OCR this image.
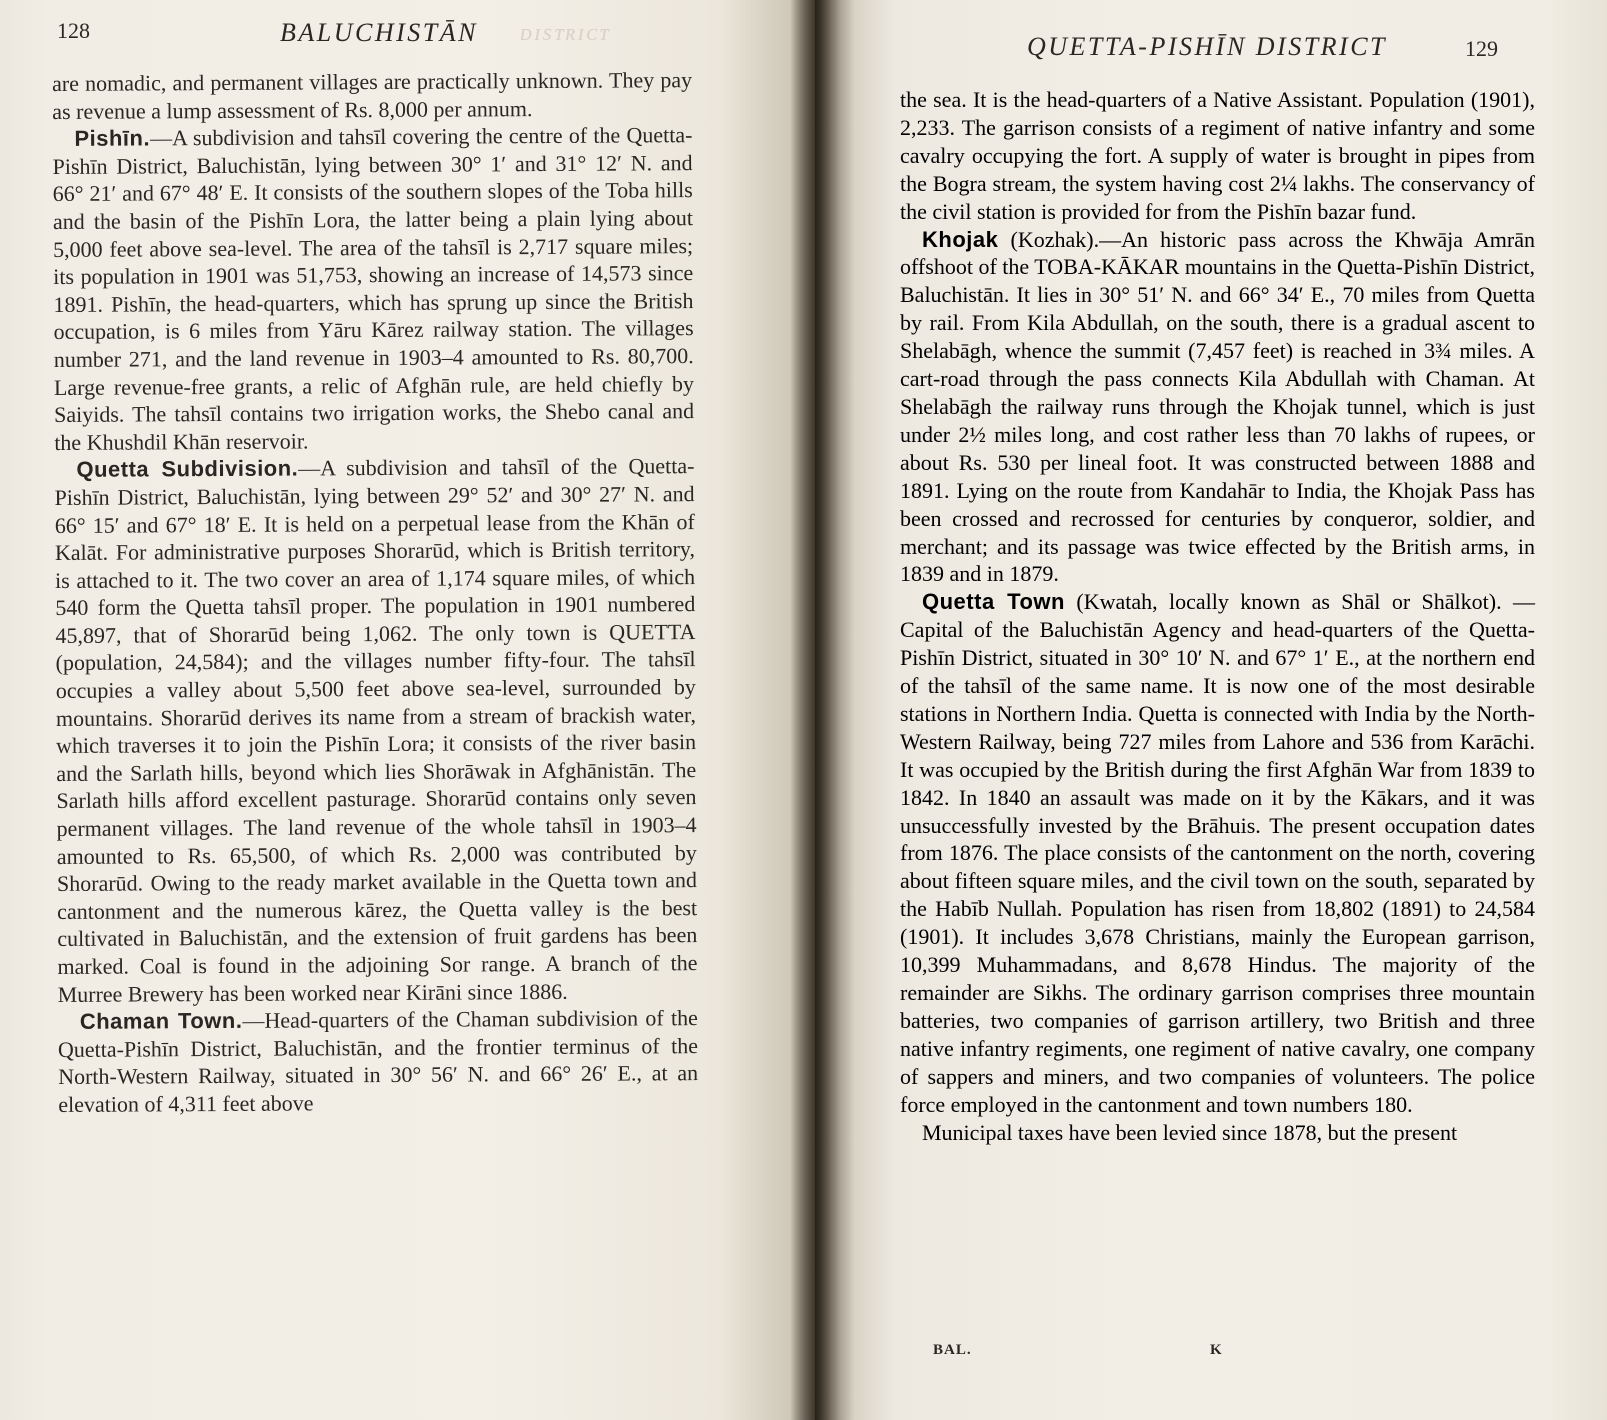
ᴅɪsᴛʀɪᴄᴛ
128	BALUCHISTĀN

are nomadic, and permanent villages are practically unknown. They pay as revenue a lump assessment of Rs. 8,000 per annum.

Pishīn.—A subdivision and tahsīl covering the centre of the Quetta-Pishīn District, Baluchistān, lying between 30° 1′ and 31° 12′ N. and 66° 21′ and 67° 48′ E. It consists of the southern slopes of the Toba hills and the basin of the Pishīn Lora, the latter being a plain lying about 5,000 feet above sea-level. The area of the tahsīl is 2,717 square miles; its population in 1901 was 51,753, showing an increase of 14,573 since 1891. Pishīn, the head-quarters, which has sprung up since the British occupation, is 6 miles from Yāru Kārez railway station. The villages number 271, and the land revenue in 1903–4 amounted to Rs. 80,700. Large revenue-free grants, a relic of Afghān rule, are held chiefly by Saiyids. The tahsīl contains two irrigation works, the Shebo canal and the Khushdil Khān reservoir.

Quetta Subdivision.—A subdivision and tahsīl of the Quetta-Pishīn District, Baluchistān, lying between 29° 52′ and 30° 27′ N. and 66° 15′ and 67° 18′ E. It is held on a perpetual lease from the Khān of Kalāt. For administrative purposes Shorarūd, which is British territory, is attached to it. The two cover an area of 1,174 square miles, of which 540 form the Quetta tahsīl proper. The population in 1901 numbered 45,897, that of Shorarūd being 1,062. The only town is QUETTA (population, 24,584); and the villages number fifty-four. The tahsīl occupies a valley about 5,500 feet above sea-level, surrounded by mountains. Shorarūd derives its name from a stream of brackish water, which traverses it to join the Pishīn Lora; it consists of the river basin and the Sarlath hills, beyond which lies Shorāwak in Afghānistān. The Sarlath hills afford excellent pasturage. Shorarūd contains only seven permanent villages. The land revenue of the whole tahsīl in 1903–4 amounted to Rs. 65,500, of which Rs. 2,000 was contributed by Shorarūd. Owing to the ready market available in the Quetta town and cantonment and the numerous kārez, the Quetta valley is the best cultivated in Baluchistān, and the extension of fruit gardens has been marked. Coal is found in the adjoining Sor range. A branch of the Murree Brewery has been worked near Kirāni since 1886.

Chaman Town.—Head-quarters of the Chaman subdivision of the Quetta-Pishīn District, Baluchistān, and the frontier terminus of the North-Western Railway, situated in 30° 56′ N. and 66° 26′ E., at an elevation of 4,311 feet above

QUETTA-PISHĪN DISTRICT	129
BAL.	K

the sea. It is the head-quarters of a Native Assistant. Population (1901), 2,233. The garrison consists of a regiment of native infantry and some cavalry occupying the fort. A supply of water is brought in pipes from the Bogra stream, the system having cost 2¼ lakhs. The conservancy of the civil station is provided for from the Pishīn bazar fund.

Khojak (Kozhak).—An historic pass across the Khwāja Amrān offshoot of the TOBA-KĀKAR mountains in the Quetta-Pishīn District, Baluchistān. It lies in 30° 51′ N. and 66° 34′ E., 70 miles from Quetta by rail. From Kila Abdullah, on the south, there is a gradual ascent to Shelabāgh, whence the summit (7,457 feet) is reached in 3¾ miles. A cart-road through the pass connects Kila Abdullah with Chaman. At Shelabāgh the railway runs through the Khojak tunnel, which is just under 2½ miles long, and cost rather less than 70 lakhs of rupees, or about Rs. 530 per lineal foot. It was constructed between 1888 and 1891. Lying on the route from Kandahār to India, the Khojak Pass has been crossed and recrossed for centuries by conqueror, soldier, and merchant; and its passage was twice effected by the British arms, in 1839 and in 1879.

Quetta Town (Kwatah, locally known as Shāl or Shālkot). —Capital of the Baluchistān Agency and head-quarters of the Quetta-Pishīn District, situated in 30° 10′ N. and 67° 1′ E., at the northern end of the tahsīl of the same name. It is now one of the most desirable stations in Northern India. Quetta is connected with India by the North-Western Railway, being 727 miles from Lahore and 536 from Karāchi. It was occupied by the British during the first Afghān War from 1839 to 1842. In 1840 an assault was made on it by the Kākars, and it was unsuccessfully invested by the Brāhuis. The present occupation dates from 1876. The place consists of the cantonment on the north, covering about fifteen square miles, and the civil town on the south, separated by the Habīb Nullah. Population has risen from 18,802 (1891) to 24,584 (1901). It includes 3,678 Christians, mainly the European garrison, 10,399 Muhammadans, and 8,678 Hindus. The majority of the remainder are Sikhs. The ordinary garrison comprises three mountain batteries, two companies of garrison artillery, two British and three native infantry regiments, one regiment of native cavalry, one company of sappers and miners, and two companies of volunteers. The police force employed in the cantonment and town numbers 180.

Municipal taxes have been levied since 1878, but the present
